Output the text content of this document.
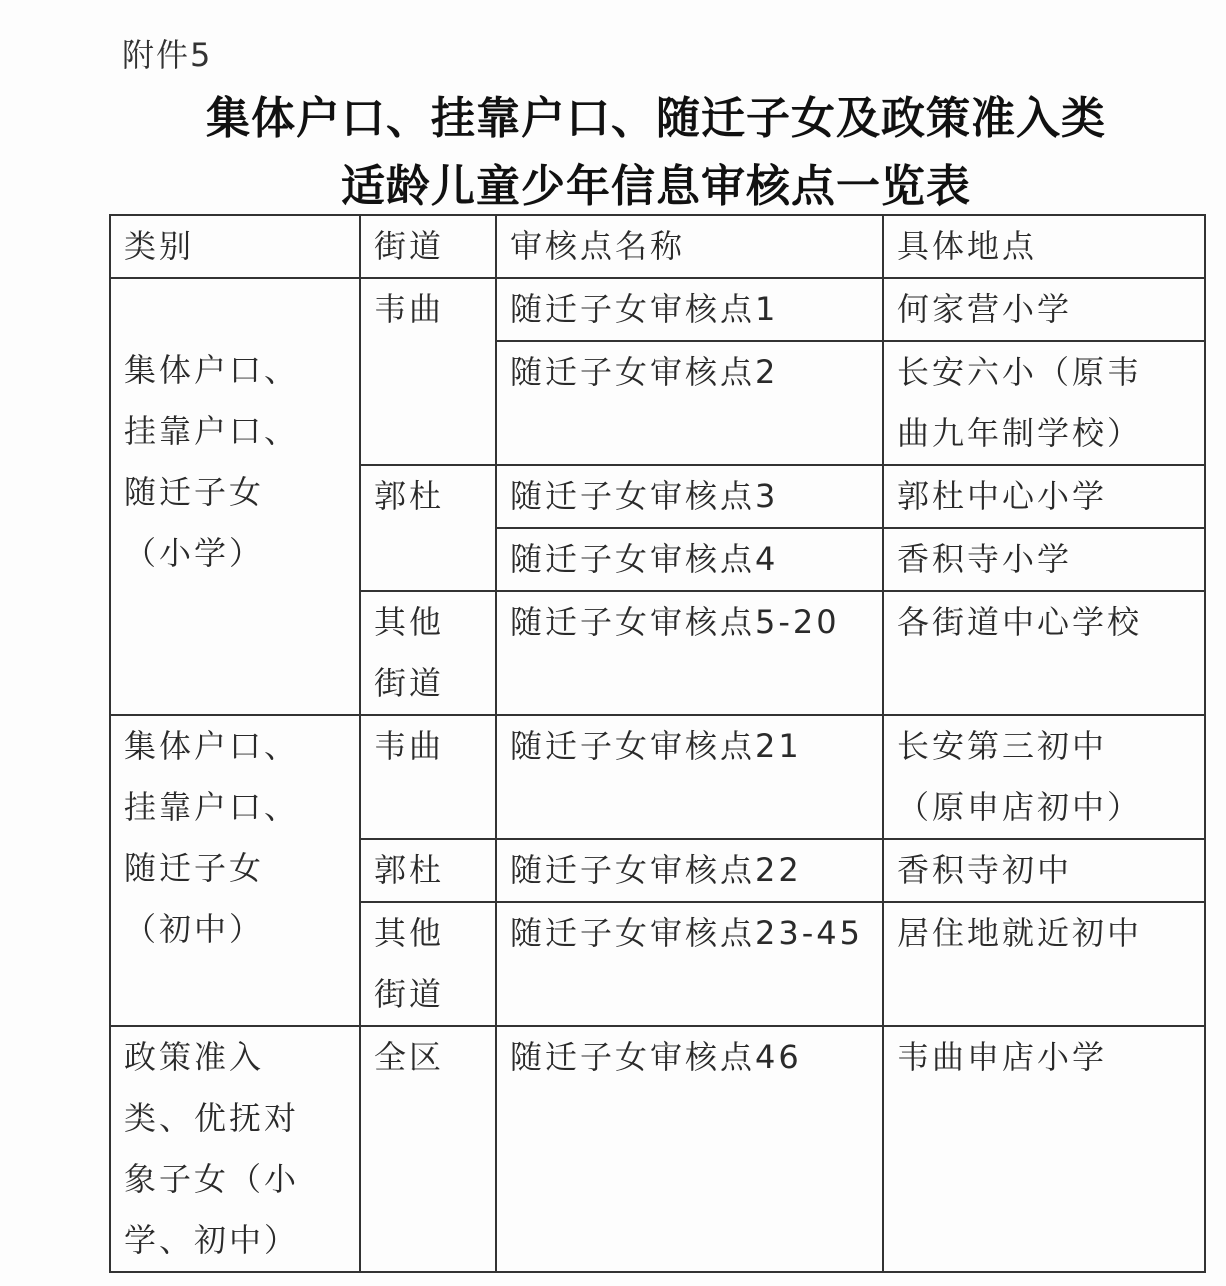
附件5
集体户口、挂靠户口、随迁子女及政策准入类
适龄儿童少年信息审核点一览表
类别	街道	审核点名称	具体地点

集体户口、
挂靠户口、
随迁子女
（小学）	韦曲	随迁子女审核点1	何家营小学
		随迁子女审核点2	长安六小（原韦
曲九年制学校）

	郭杜	随迁子女审核点3	郭杜中心小学
		随迁子女审核点4	香积寺小学

	其他
街道	随迁子女审核点5-20	各街道中心学校

集体户口、
挂靠户口、
随迁子女
（初中）	韦曲	随迁子女审核点21	长安第三初中
（原申店初中）

	郭杜	随迁子女审核点22	香积寺初中

	其他
街道	随迁子女审核点23-45	居住地就近初中

政策准入
类、优抚对
象子女（小
学、初中）	全区	随迁子女审核点46	韦曲申店小学
